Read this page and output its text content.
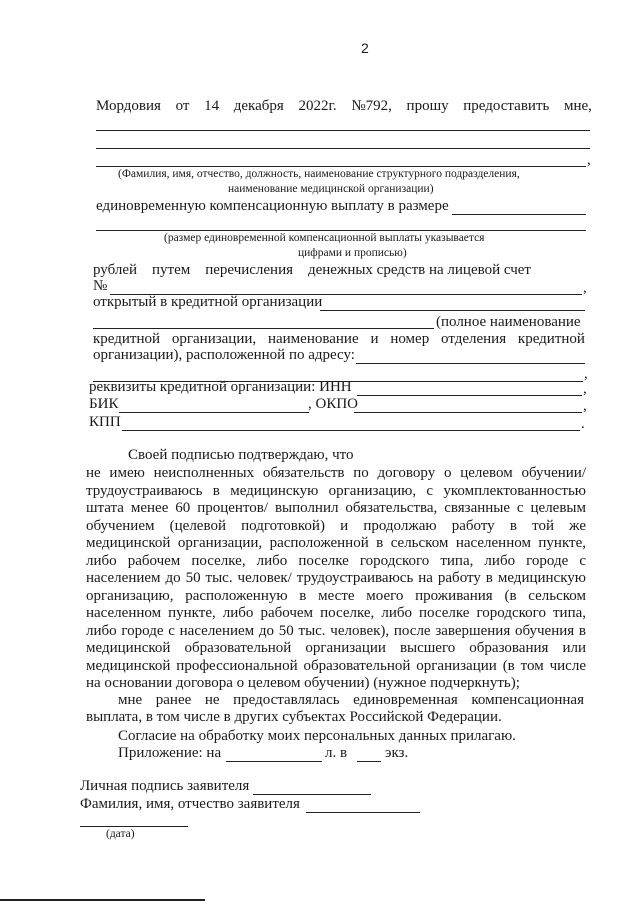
2
Мордовия от 14 декабря 2022г. №792, прошу предоставить мне,
,
(Фамилия, имя, отчество, должность, наименование структурного подразделения,
наименование медицинской организации)
единовременную компенсационную выплату в размере
(размер единовременной компенсационной выплаты указывается
цифрами и прописью)
рублей путем перечисления денежных средств на лицевой счет
№	,
открытый в кредитной организации
(полное наименование
кредитной организации, наименование и номер отделения кредитной
организации), расположенной по адресу:
,
реквизиты кредитной организации: ИНН	,
БИК	, ОКПО	,
КПП	.
Своей подписью подтверждаю, что
не имею неисполненных обязательств по договору о целевом обучении/
трудоустраиваюсь в медицинскую организацию, с укомплектованностью
штата менее 60 процентов/ выполнил обязательства, связанные с целевым
обучением (целевой подготовкой) и продолжаю работу в той же
медицинской организации, расположенной в сельском населенном пункте,
либо рабочем поселке, либо поселке городского типа, либо городе с
населением до 50 тыс. человек/ трудоустраиваюсь на работу в медицинскую
организацию, расположенную в месте моего проживания (в сельском
населенном пункте, либо рабочем поселке, либо поселке городского типа,
либо городе с населением до 50 тыс. человек), после завершения обучения в
медицинской образовательной организации высшего образования или
медицинской профессиональной образовательной организации (в том числе
на основании договора о целевом обучении) (нужное подчеркнуть);
мне ранее не предоставлялась единовременная компенсационная
выплата, в том числе в других субъектах Российской Федерации.
Согласие на обработку моих персональных данных прилагаю.
Приложение: на	л. в	экз.
Личная подпись заявителя
Фамилия, имя, отчество заявителя
(дата)
